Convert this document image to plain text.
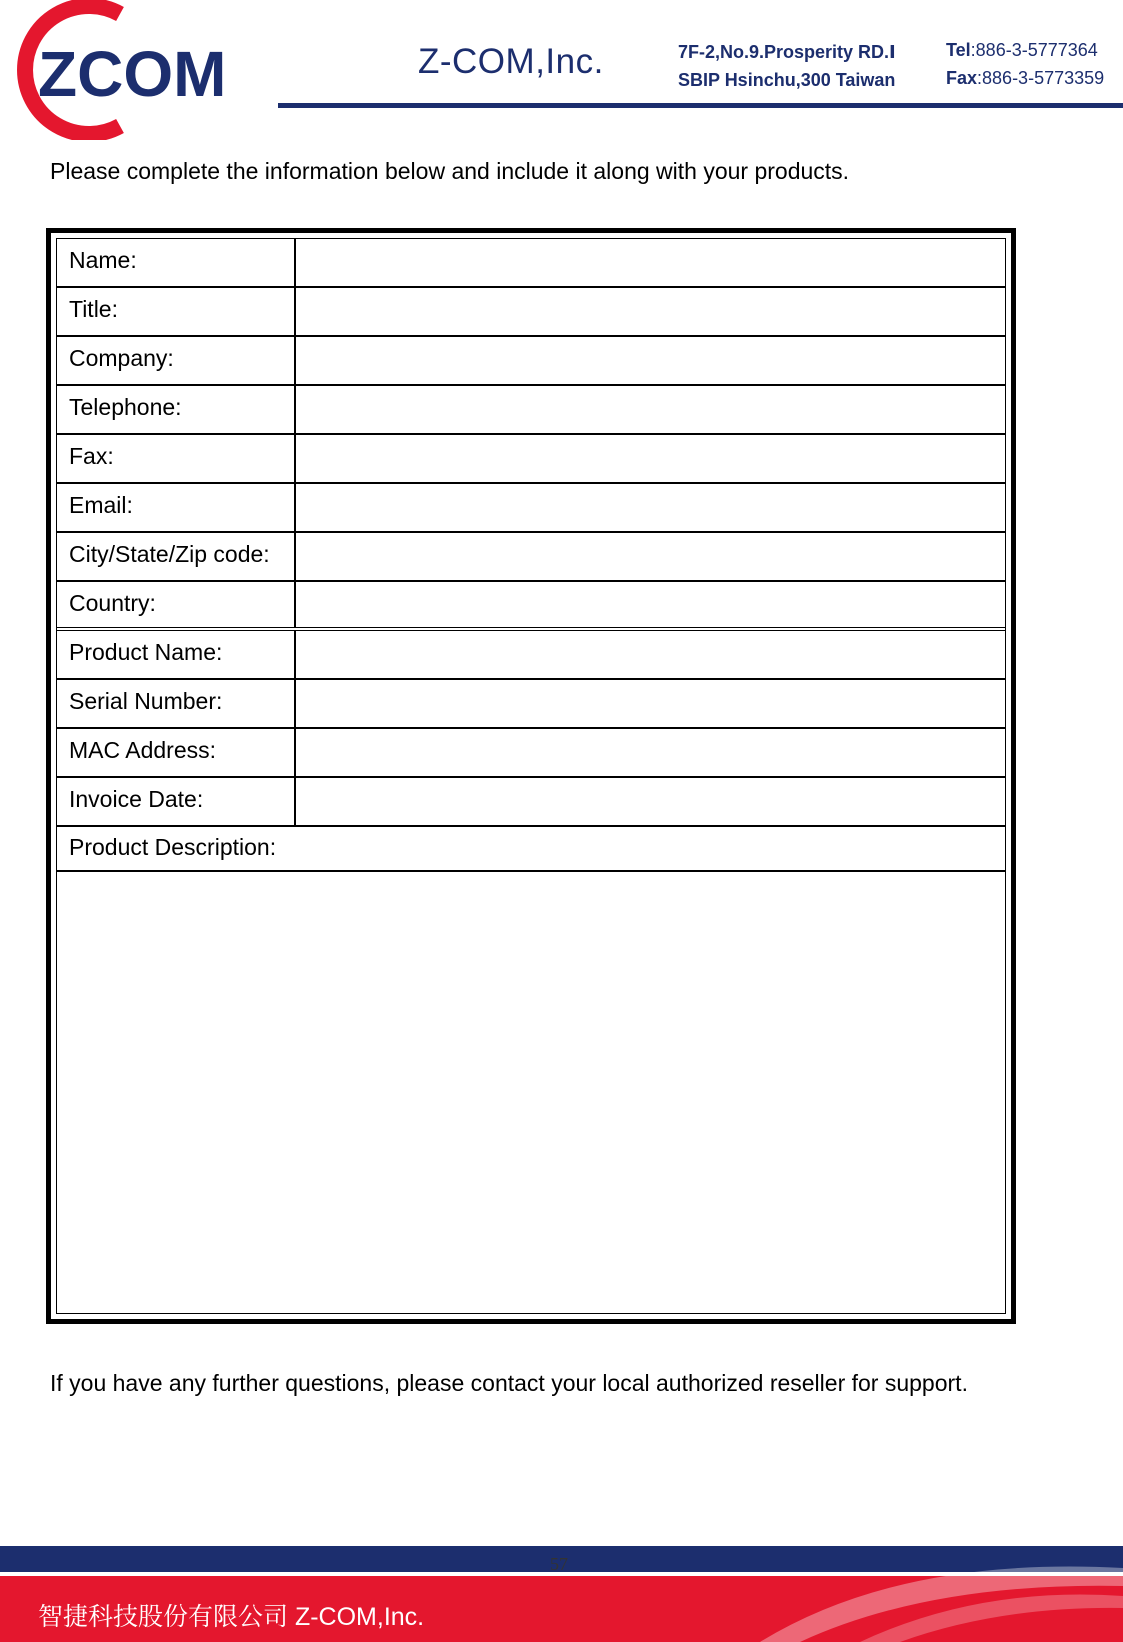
ZCOM	Z-COM,Inc.	7F-2,No.9.Prosperity RD.Ⅰ
SBIP Hsinchu,300 Taiwan
Tel:886-3-5777364
Fax:886-3-5773359
Please complete the information below and include it along with your products.
Name:
Title:
Company:
Telephone:
Fax:
Email:
City/State/Zip code:
Country:
Product Name:
Serial Number:
MAC Address:
Invoice Date:
Product Description:
If you have any further questions, please contact your local authorized reseller for support.
57
智捷科技股份有限公司 Z-COM,Inc.
